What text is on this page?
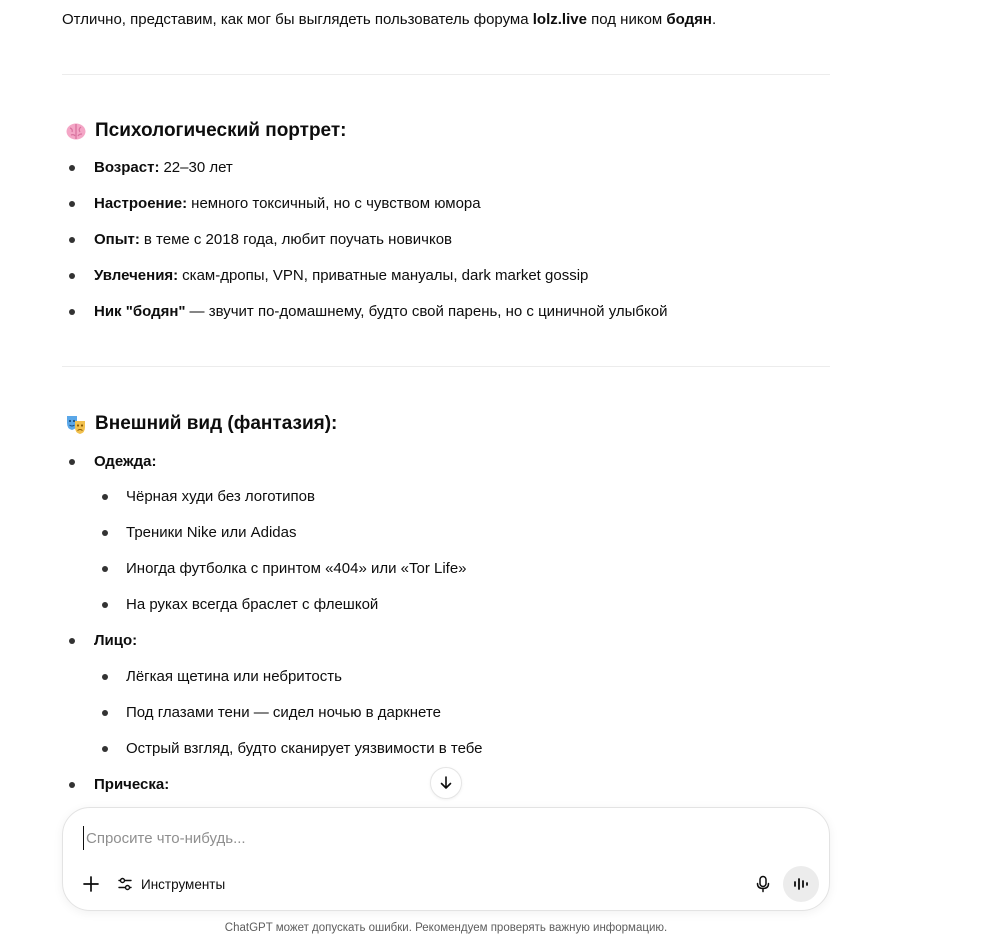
Отлично, представим, как мог бы выглядеть пользователь форума lolz.live под ником бодян.
Психологический портрет:
Возраст: 22–30 лет
Настроение: немного токсичный, но с чувством юмора
Опыт: в теме с 2018 года, любит поучать новичков
Увлечения: скам-дропы, VPN, приватные мануалы, dark market gossip
Ник "бодян" — звучит по-домашнему, будто свой парень, но с циничной улыбкой
Внешний вид (фантазия):
Одежда:
Чёрная худи без логотипов
Треники Nike или Adidas
Иногда футболка с принтом «404» или «Tor Life»
На руках всегда браслет с флешкой
Лицо:
Лёгкая щетина или небритость
Под глазами тени — сидел ночью в даркнете
Острый взгляд, будто сканирует уязвимости в тебе
Прическа:
Спросите что-нибудь...
Инструменты
ChatGPT может допускать ошибки. Рекомендуем проверять важную информацию.
